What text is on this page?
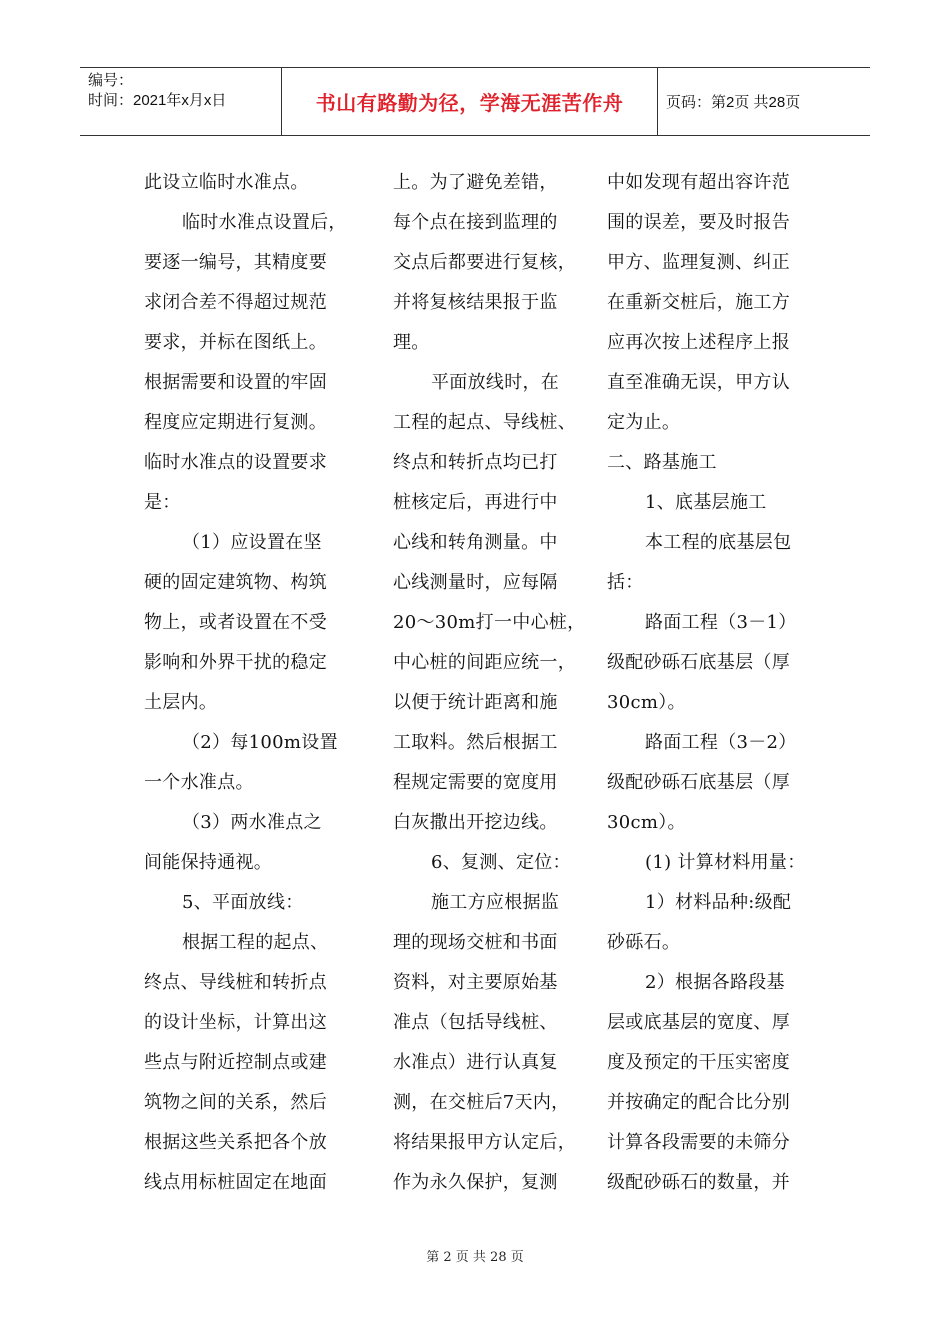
编号：
时间：2021年x月x日	书山有路勤为径，学海无涯苦作舟	页码：第2页 共28页

此设立临时水准点。

临时水准点设置后，

要逐一编号，其精度要

求闭合差不得超过规范

要求，并标在图纸上。

根据需要和设置的牢固

程度应定期进行复测。

临时水准点的设置要求

是：

（1）应设置在坚

硬的固定建筑物、构筑

物上，或者设置在不受

影响和外界干扰的稳定

土层内。

（2）每100m设置

一个水准点。

（3）两水准点之

间能保持通视。

5、平面放线：

根据工程的起点、

终点、导线桩和转折点

的设计坐标，计算出这

些点与附近控制点或建

筑物之间的关系，然后

根据这些关系把各个放

线点用标桩固定在地面

上。为了避免差错，

每个点在接到监理的

交点后都要进行复核，

并将复核结果报于监

理。

平面放线时，在

工程的起点、导线桩、

终点和转折点均已打

桩核定后，再进行中

心线和转角测量。中

心线测量时，应每隔

20～30m打一中心桩，

中心桩的间距应统一，

以便于统计距离和施

工取料。然后根据工

程规定需要的宽度用

白灰撒出开挖边线。

6、复测、定位：

施工方应根据监

理的现场交桩和书面

资料，对主要原始基

准点（包括导线桩、

水准点）进行认真复

测，在交桩后7天内，

将结果报甲方认定后，

作为永久保护，复测

中如发现有超出容许范

围的误差，要及时报告

甲方、监理复测、纠正

在重新交桩后，施工方

应再次按上述程序上报

直至准确无误，甲方认

定为止。

二、路基施工

1、底基层施工

本工程的底基层包

括：

路面工程（3－1）

级配砂砾石底基层（厚

30cm）。

路面工程（3－2）

级配砂砾石底基层（厚

30cm）。

(1) 计算材料用量：

1）材料品种:级配

砂砾石。

2）根据各路段基

层或底基层的宽度、厚

度及预定的干压实密度

并按确定的配合比分别

计算各段需要的未筛分

级配砂砾石的数量，并

第 2 页 共 28 页
